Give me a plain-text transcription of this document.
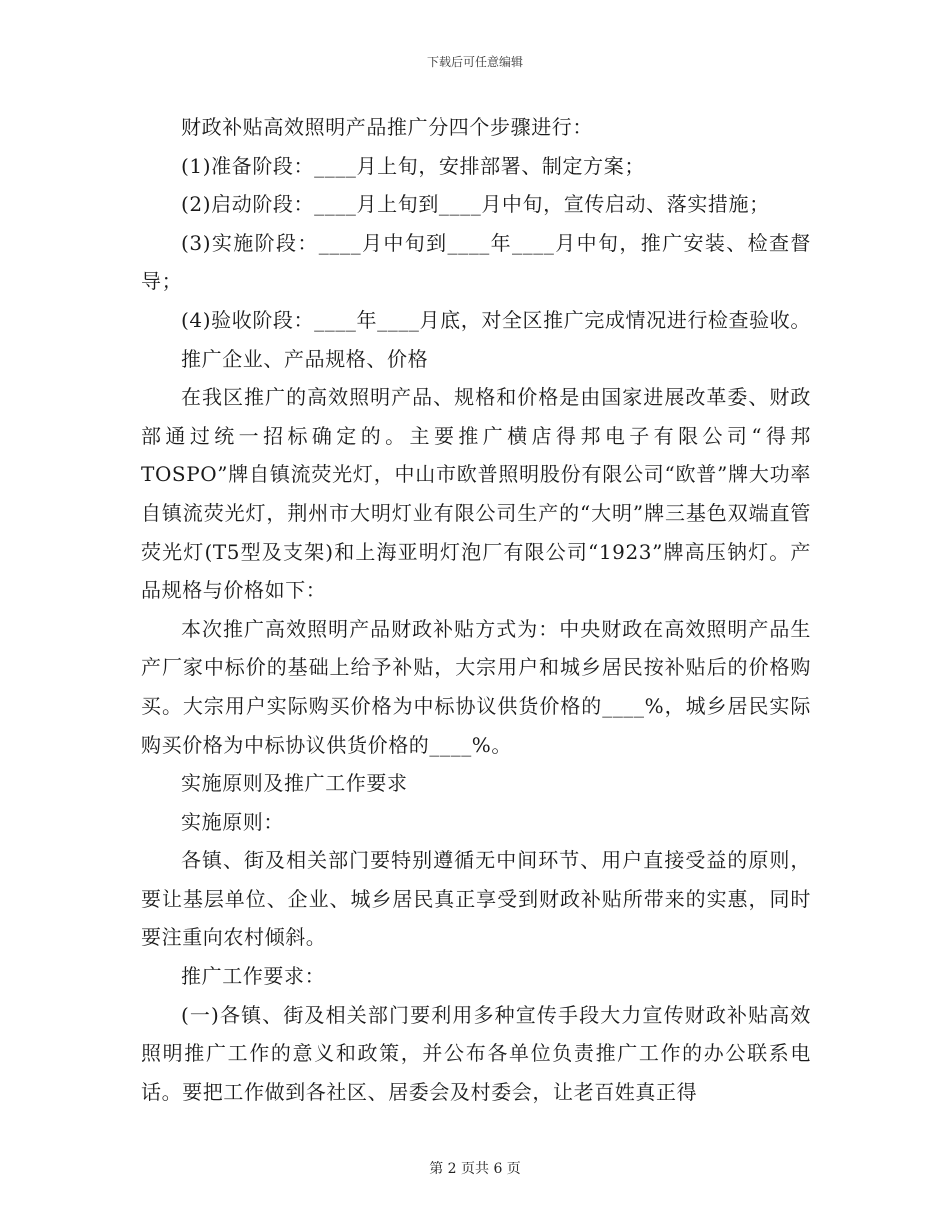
下载后可任意编辑

财政补贴高效照明产品推广分四个步骤进行：

(1)准备阶段：____月上旬，安排部署、制定方案；

(2)启动阶段：____月上旬到____月中旬，宣传启动、落实措施；

(3)实施阶段：____月中旬到____年____月中旬，推广安装、检查督导；

(4)验收阶段：____年____月底，对全区推广完成情况进行检查验收。

推广企业、产品规格、价格

在我区推广的高效照明产品、规格和价格是由国家进展改革委、财政部通过统一招标确定的。主要推广横店得邦电子有限公司“得邦TOSPO”牌自镇流荧光灯，中山市欧普照明股份有限公司“欧普”牌大功率自镇流荧光灯，荆州市大明灯业有限公司生产的“大明”牌三基色双端直管荧光灯(T5型及支架)和上海亚明灯泡厂有限公司“1923”牌高压钠灯。产品规格与价格如下：

本次推广高效照明产品财政补贴方式为：中央财政在高效照明产品生产厂家中标价的基础上给予补贴，大宗用户和城乡居民按补贴后的价格购买。大宗用户实际购买价格为中标协议供货价格的____%，城乡居民实际购买价格为中标协议供货价格的____%。

实施原则及推广工作要求

实施原则：

各镇、街及相关部门要特别遵循无中间环节、用户直接受益的原则，要让基层单位、企业、城乡居民真正享受到财政补贴所带来的实惠，同时要注重向农村倾斜。

推广工作要求：

(一)各镇、街及相关部门要利用多种宣传手段大力宣传财政补贴高效照明推广工作的意义和政策，并公布各单位负责推广工作的办公联系电话。要把工作做到各社区、居委会及村委会，让老百姓真正得

第 2 页共 6 页
